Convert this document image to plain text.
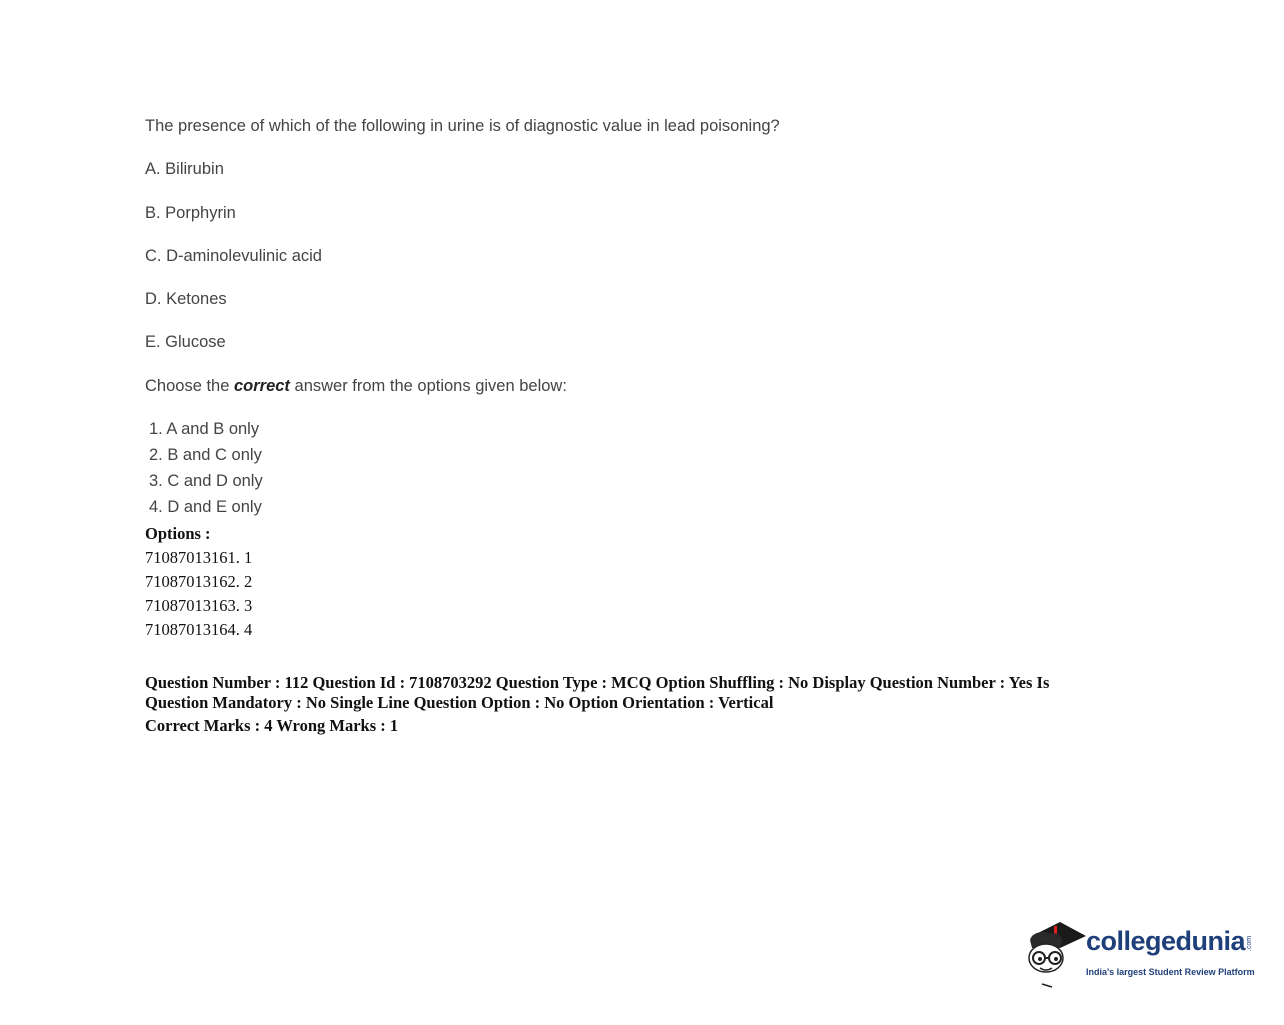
The presence of which of the following in urine is of diagnostic value in lead poisoning?
A. Bilirubin
B. Porphyrin
C. D-aminolevulinic acid
D. Ketones
E. Glucose
Choose the correct answer from the options given below:
1. A and B only
2. B and C only
3. C and D only
4. D and E only
Options :
71087013161. 1
71087013162. 2
71087013163. 3
71087013164. 4
Question Number : 112 Question Id : 7108703292 Question Type : MCQ Option Shuffling : No Display Question Number : Yes Is Question Mandatory : No Single Line Question Option : No Option Orientation : Vertical
Correct Marks : 4 Wrong Marks : 1
collegedunia .com
India's largest Student Review Platform
